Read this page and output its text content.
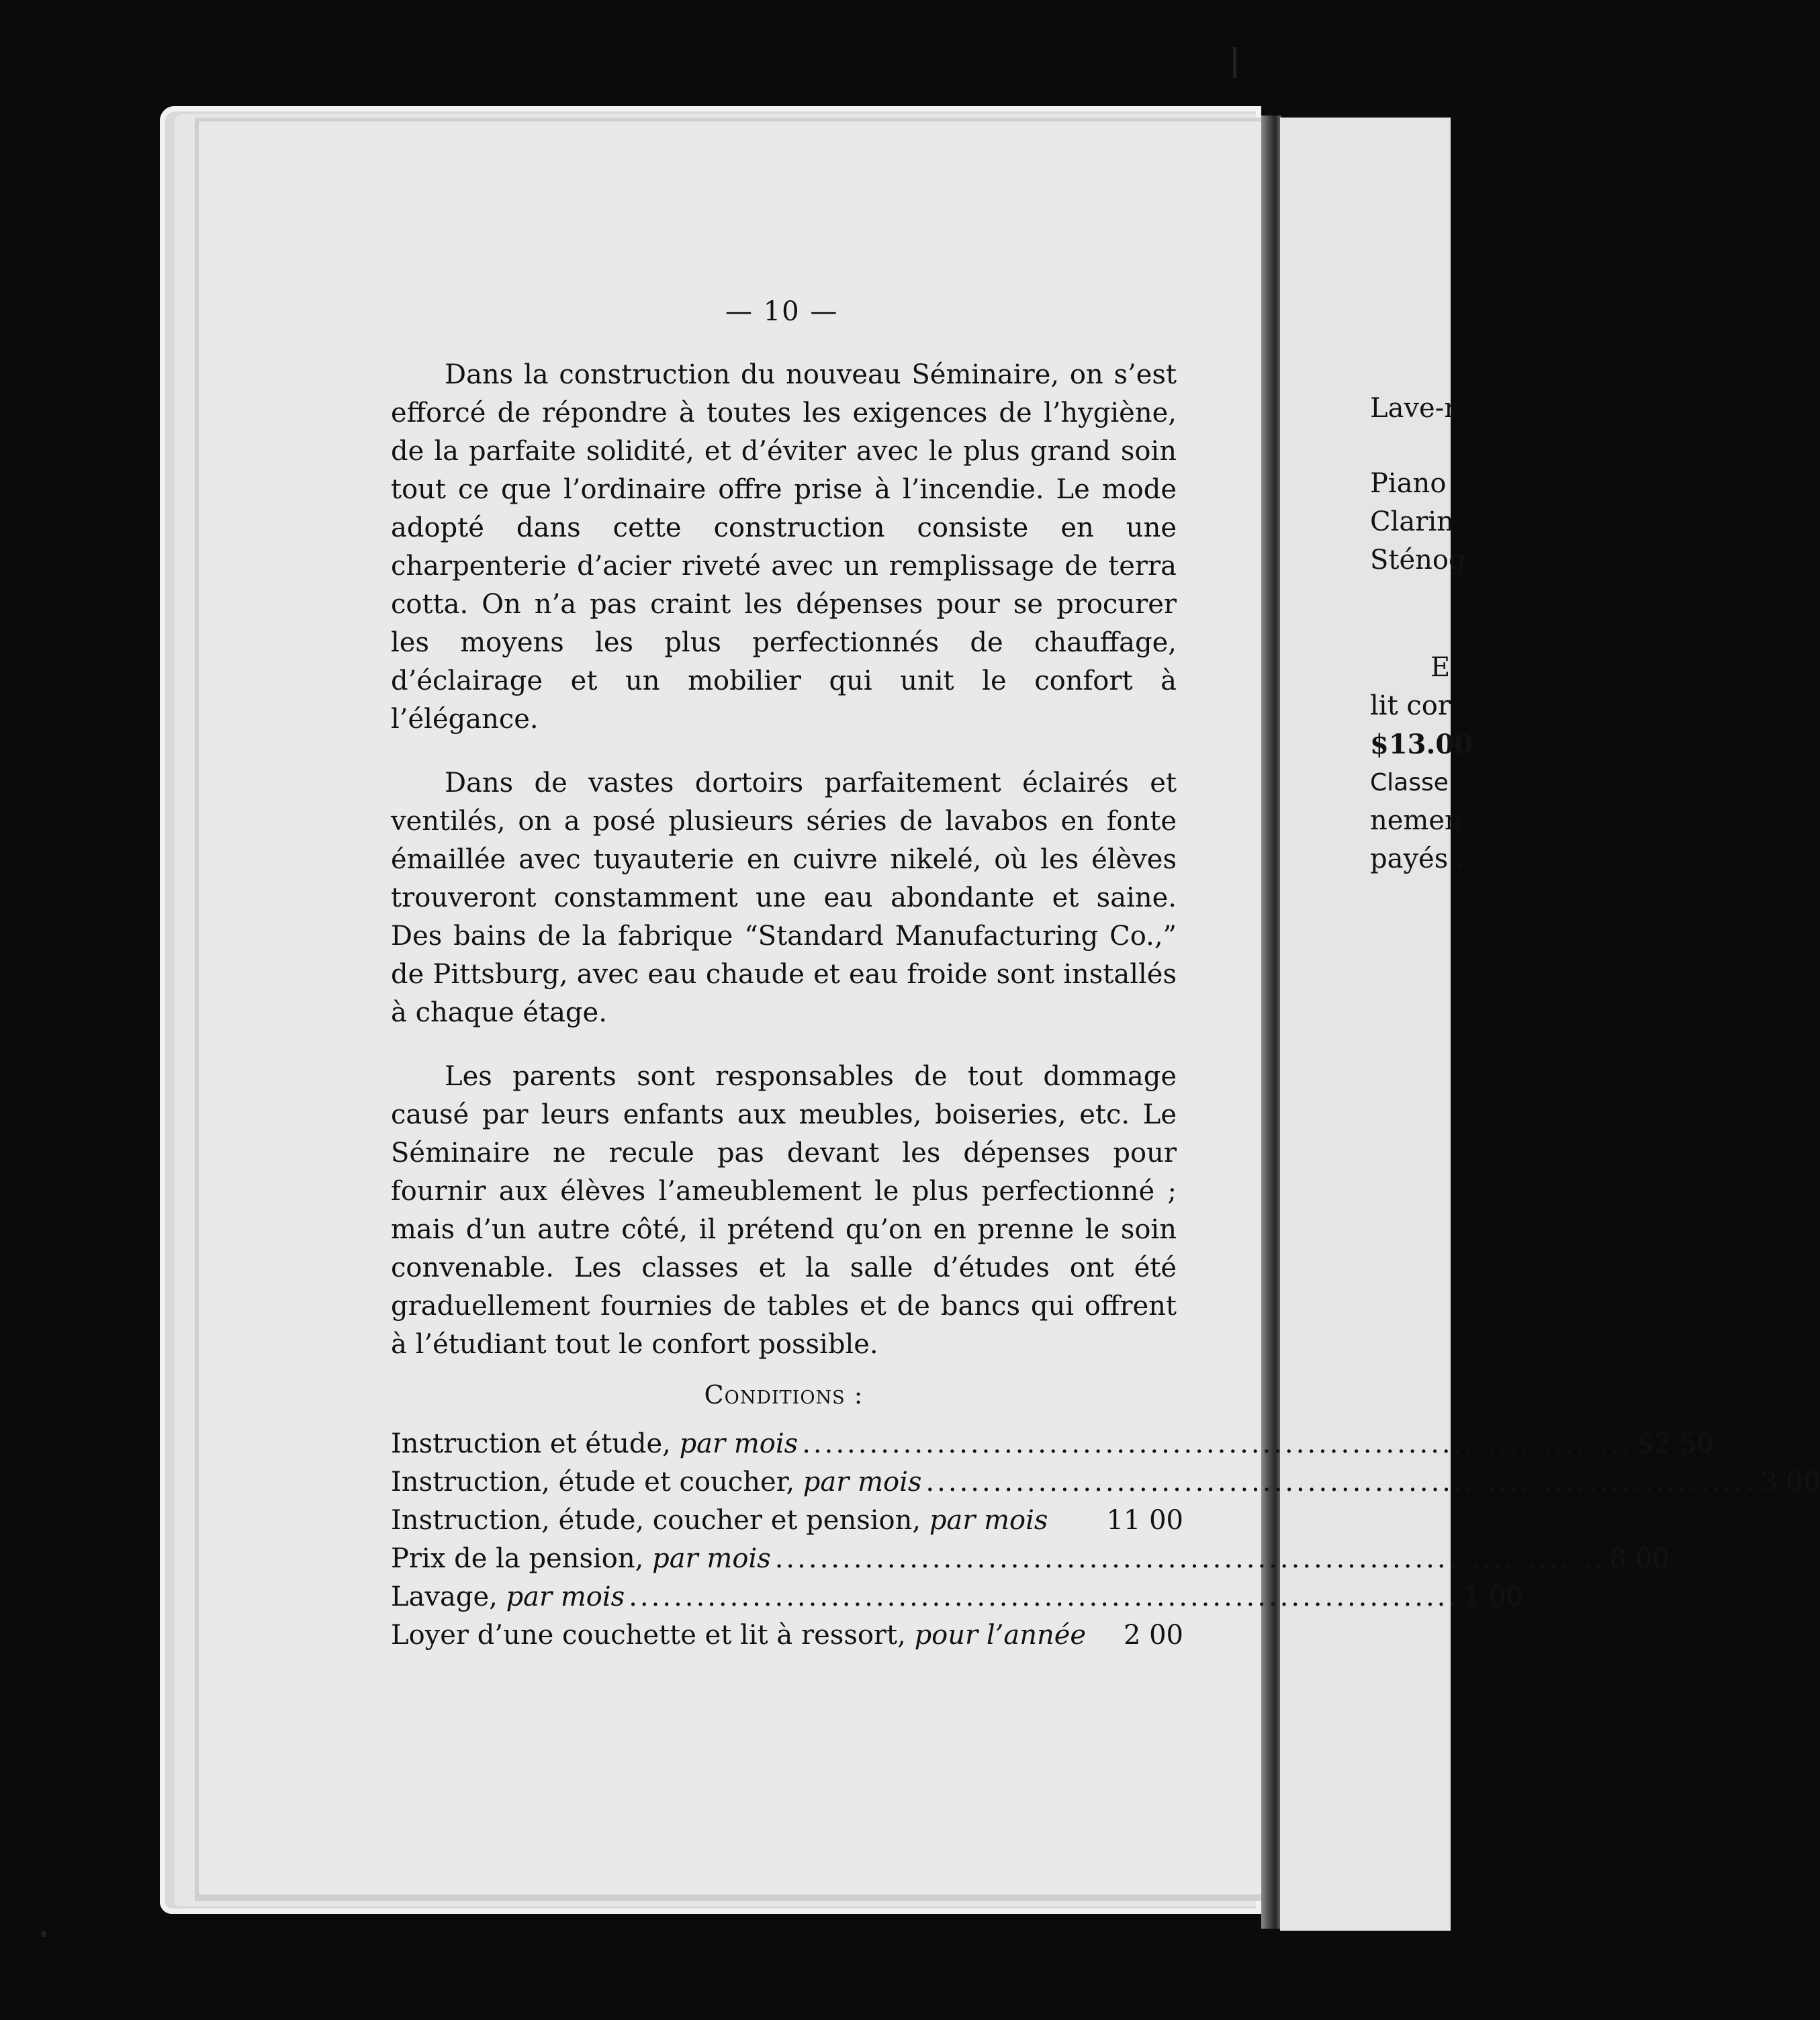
— 10 —

Dans la construction du nouveau Séminaire, on s’est efforcé de répondre à toutes les exigences de l’hygiène, de la parfaite solidité, et d’éviter avec le plus grand soin tout ce que l’ordinaire offre prise à l’incendie. Le mode adopté dans cette construction consiste en une charpenterie d’acier riveté avec un remplissage de terra cotta. On n’a pas craint les dépenses pour se procurer les moyens les plus perfectionnés de chauffage, d’éclairage et un mobilier qui unit le confort à l’élégance.

Dans de vastes dortoirs parfaitement éclairés et ventilés, on a posé plusieurs séries de lavabos en fonte émaillée avec tuyauterie en cuivre nikelé, où les élèves trouveront constamment une eau abondante et saine. Des bains de la fabrique “Standard Manufacturing Co.,” de Pittsburg, avec eau chaude et eau froide sont installés à chaque étage.

Les parents sont responsables de tout dommage causé par leurs enfants aux meubles, boiseries, etc. Le Séminaire ne recule pas devant les dépenses pour fournir aux élèves l’ameublement le plus perfectionné ; mais d’un autre côté, il prétend qu’on en prenne le soin convenable. Les classes et la salle d’études ont été graduellement fournies de tables et de bancs qui offrent à l’étudiant tout le confort possible.

Conditions :
Instruction et étude, par mois .......................................................................... $ 2 50
Instruction, étude et coucher, par mois .......................................................................... 3 00
Instruction, étude, coucher et pension, par mois	11 00
Prix de la pension, par mois .......................................................................... 8 00
Lavage, par mois .......................................................................... 1 00
Loyer d’une couchette et lit à ressort, pour l’année	2 00
Lave-r
Piano
Clarin
Sténog
E
lit cor
$13.00
Classe
nemen
payés .
